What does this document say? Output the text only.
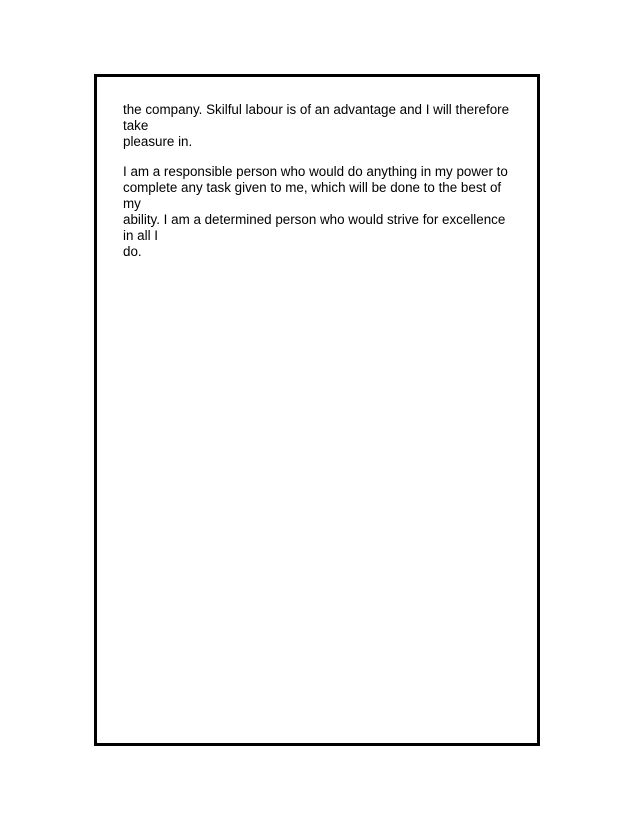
the company. Skilful labour is of an advantage and I will therefore take
pleasure in.

I am a responsible person who would do anything in my power to
complete any task given to me, which will be done to the best of my
ability. I am a determined person who would strive for excellence in all I
do.
